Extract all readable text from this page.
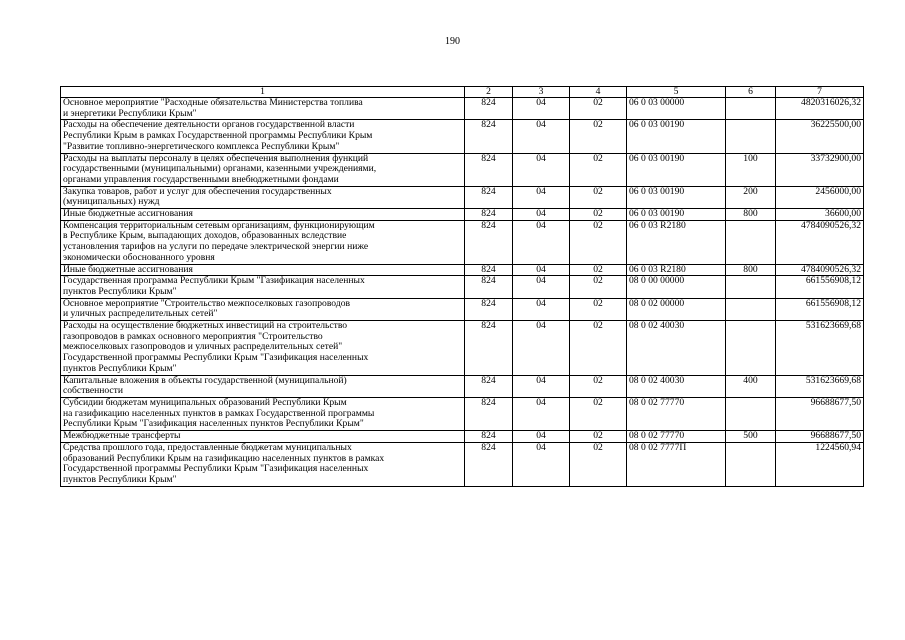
190
1	2	3	4	5	6	7
Основное мероприятие "Расходные обязательства Министерства топлива
и энергетики Республики Крым"	824	04	02	06 0 03 00000		4820316026,32
Расходы на обеспечение деятельности органов государственной власти
Республики Крым в рамках Государственной программы Республики Крым
"Развитие топливно-энергетического комплекса Республики Крым"	824	04	02	06 0 03 00190		36225500,00
Расходы на выплаты персоналу в целях обеспечения выполнения функций
государственными (муниципальными) органами, казенными учреждениями,
органами управления государственными внебюджетными фондами	824	04	02	06 0 03 00190	100	33732900,00
Закупка товаров, работ и услуг для обеспечения государственных
(муниципальных) нужд	824	04	02	06 0 03 00190	200	2456000,00
Иные бюджетные ассигнования	824	04	02	06 0 03 00190	800	36600,00
Компенсация территориальным сетевым организациям, функционирующим
в Республике Крым, выпадающих доходов, образованных вследствие
установления тарифов на услуги по передаче электрической энергии ниже
экономически обоснованного уровня	824	04	02	06 0 03 R2180		4784090526,32
Иные бюджетные ассигнования	824	04	02	06 0 03 R2180	800	4784090526,32
Государственная программа Республики Крым "Газификация населенных
пунктов Республики Крым"	824	04	02	08 0 00 00000		661556908,12
Основное мероприятие "Строительство межпоселковых газопроводов
и уличных распределительных сетей"	824	04	02	08 0 02 00000		661556908,12
Расходы на осуществление бюджетных инвестиций на строительство
газопроводов в рамках основного мероприятия "Строительство
межпоселковых газопроводов и уличных распределительных сетей"
Государственной программы Республики Крым "Газификация населенных
пунктов Республики Крым"	824	04	02	08 0 02 40030		531623669,68
Капитальные вложения в объекты государственной (муниципальной)
собственности	824	04	02	08 0 02 40030	400	531623669,68
Субсидии бюджетам муниципальных образований Республики Крым
на газификацию населенных пунктов в рамках Государственной программы
Республики Крым "Газификация населенных пунктов Республики Крым"	824	04	02	08 0 02 77770		96688677,50
Межбюджетные трансферты	824	04	02	08 0 02 77770	500	96688677,50
Средства прошлого года, предоставленные бюджетам муниципальных
образований Республики Крым на газификацию населенных пунктов в рамках
Государственной программы Республики Крым "Газификация населенных
пунктов Республики Крым"	824	04	02	08 0 02 7777П		1224560,94
